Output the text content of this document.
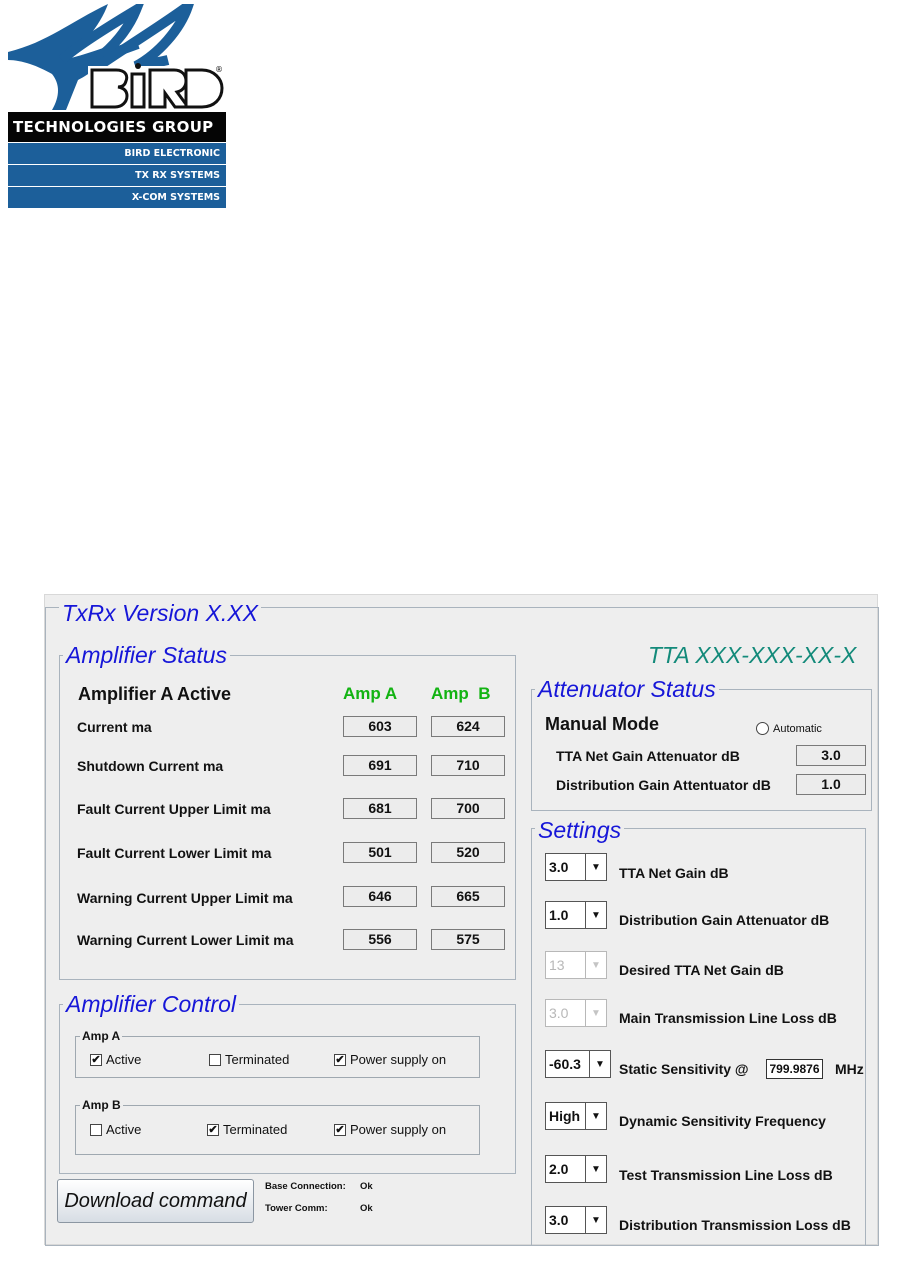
®
TECHNOLOGIES GROUP
BIRD ELECTRONIC
TX RX SYSTEMS
X-COM SYSTEMS
TxRx Version X.XX
TTA XXX-XXX-XX-X
Amplifier Status
Amplifier A Active	Amp A Amp  B
Current ma	603	624
Shutdown Current ma	691	710
Fault Current Upper Limit ma	681	700
Fault Current Lower Limit ma	501	520
Warning Current Upper Limit ma	646	665
Warning Current Lower Limit ma	556	575
Amplifier Control
Amp A
✔ Active	Terminated	✔ Power supply on
Amp B
Active	✔ Terminated	✔ Power supply on
Download command
Base Connection: Ok
Tower Comm:	Ok
Attenuator Status
Manual Mode	Automatic
TTA Net Gain Attenuator dB	3.0
Distribution Gain Attentuator dB	1.0
Settings
3.0	▼	TTA Net Gain dB
1.0	▼	Distribution Gain Attenuator dB
13	▼	Desired TTA Net Gain dB
3.0	▼	Main Transmission Line Loss dB
-60.3	▼	Static Sensitivity @ 799.9876 MHz
High	▼	Dynamic Sensitivity Frequency
2.0	▼	Test Transmission Line Loss dB
3.0	▼	Distribution Transmission Loss dB
